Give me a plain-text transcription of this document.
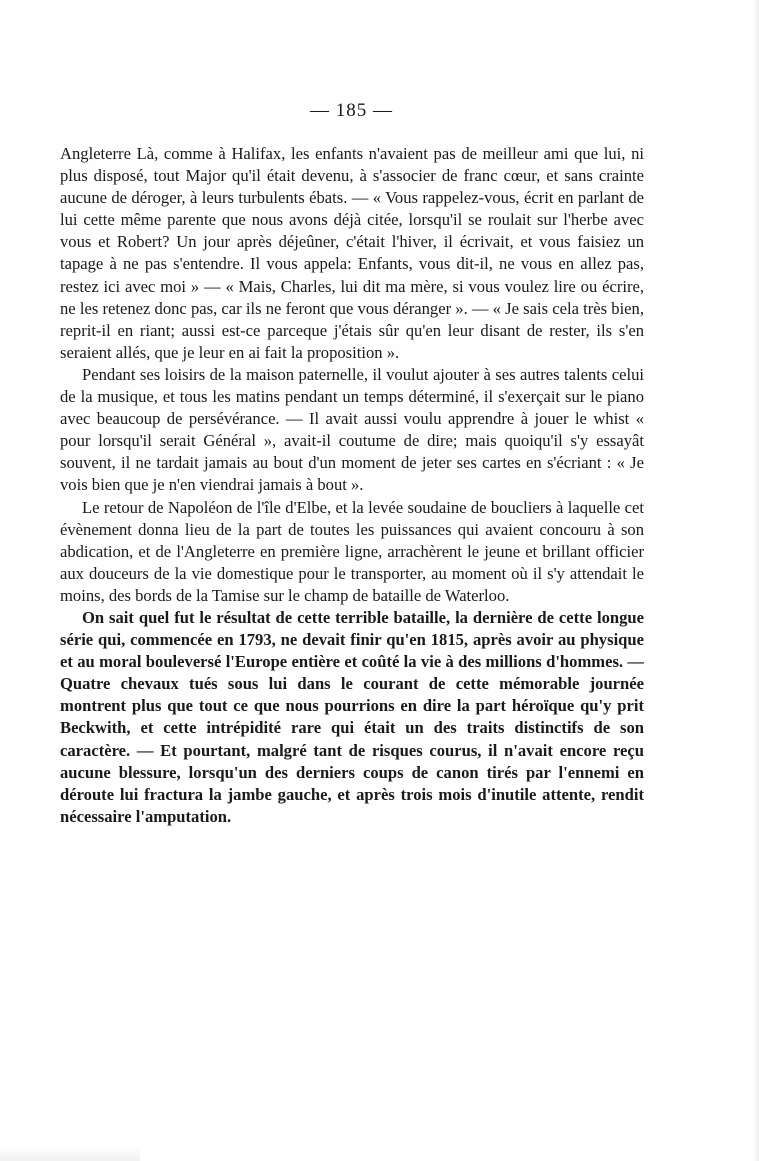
— 185 —

Angleterre Là, comme à Halifax, les enfants n'avaient pas de meilleur ami que lui, ni plus disposé, tout Major qu'il était devenu, à s'associer de franc cœur, et sans crainte aucune de déroger, à leurs turbulents ébats. — « Vous rappelez-vous, écrit en parlant de lui cette même parente que nous avons déjà citée, lorsqu'il se roulait sur l'herbe avec vous et Robert? Un jour après déjeûner, c'était l'hiver, il écrivait, et vous faisiez un tapage à ne pas s'entendre. Il vous appela: Enfants, vous dit-il, ne vous en allez pas, restez ici avec moi » — « Mais, Charles, lui dit ma mère, si vous voulez lire ou écrire, ne les retenez donc pas, car ils ne feront que vous déranger ». — « Je sais cela très bien, reprit-il en riant; aussi est-ce parceque j'étais sûr qu'en leur disant de rester, ils s'en seraient allés, que je leur en ai fait la proposition ».

Pendant ses loisirs de la maison paternelle, il voulut ajouter à ses autres talents celui de la musique, et tous les matins pendant un temps déterminé, il s'exerçait sur le piano avec beaucoup de persévérance. — Il avait aussi voulu apprendre à jouer le whist « pour lorsqu'il serait Général », avait-il coutume de dire; mais quoiqu'il s'y essayât souvent, il ne tardait jamais au bout d'un moment de jeter ses cartes en s'écriant : « Je vois bien que je n'en viendrai jamais à bout ».

Le retour de Napoléon de l'île d'Elbe, et la levée soudaine de boucliers à laquelle cet évènement donna lieu de la part de toutes les puissances qui avaient concouru à son abdication, et de l'Angleterre en première ligne, arrachèrent le jeune et brillant officier aux douceurs de la vie domestique pour le transporter, au moment où il s'y attendait le moins, des bords de la Tamise sur le champ de bataille de Waterloo.

On sait quel fut le résultat de cette terrible bataille, la dernière de cette longue série qui, commencée en 1793, ne devait finir qu'en 1815, après avoir au physique et au moral bouleversé l'Europe entière et coûté la vie à des millions d'hommes. — Quatre chevaux tués sous lui dans le courant de cette mémorable journée montrent plus que tout ce que nous pourrions en dire la part héroïque qu'y prit Beckwith, et cette intrépidité rare qui était un des traits distinctifs de son caractère. — Et pourtant, malgré tant de risques courus, il n'avait encore reçu aucune blessure, lorsqu'un des derniers coups de canon tirés par l'ennemi en déroute lui fractura la jambe gauche, et après trois mois d'inutile attente, rendit nécessaire l'amputation.
